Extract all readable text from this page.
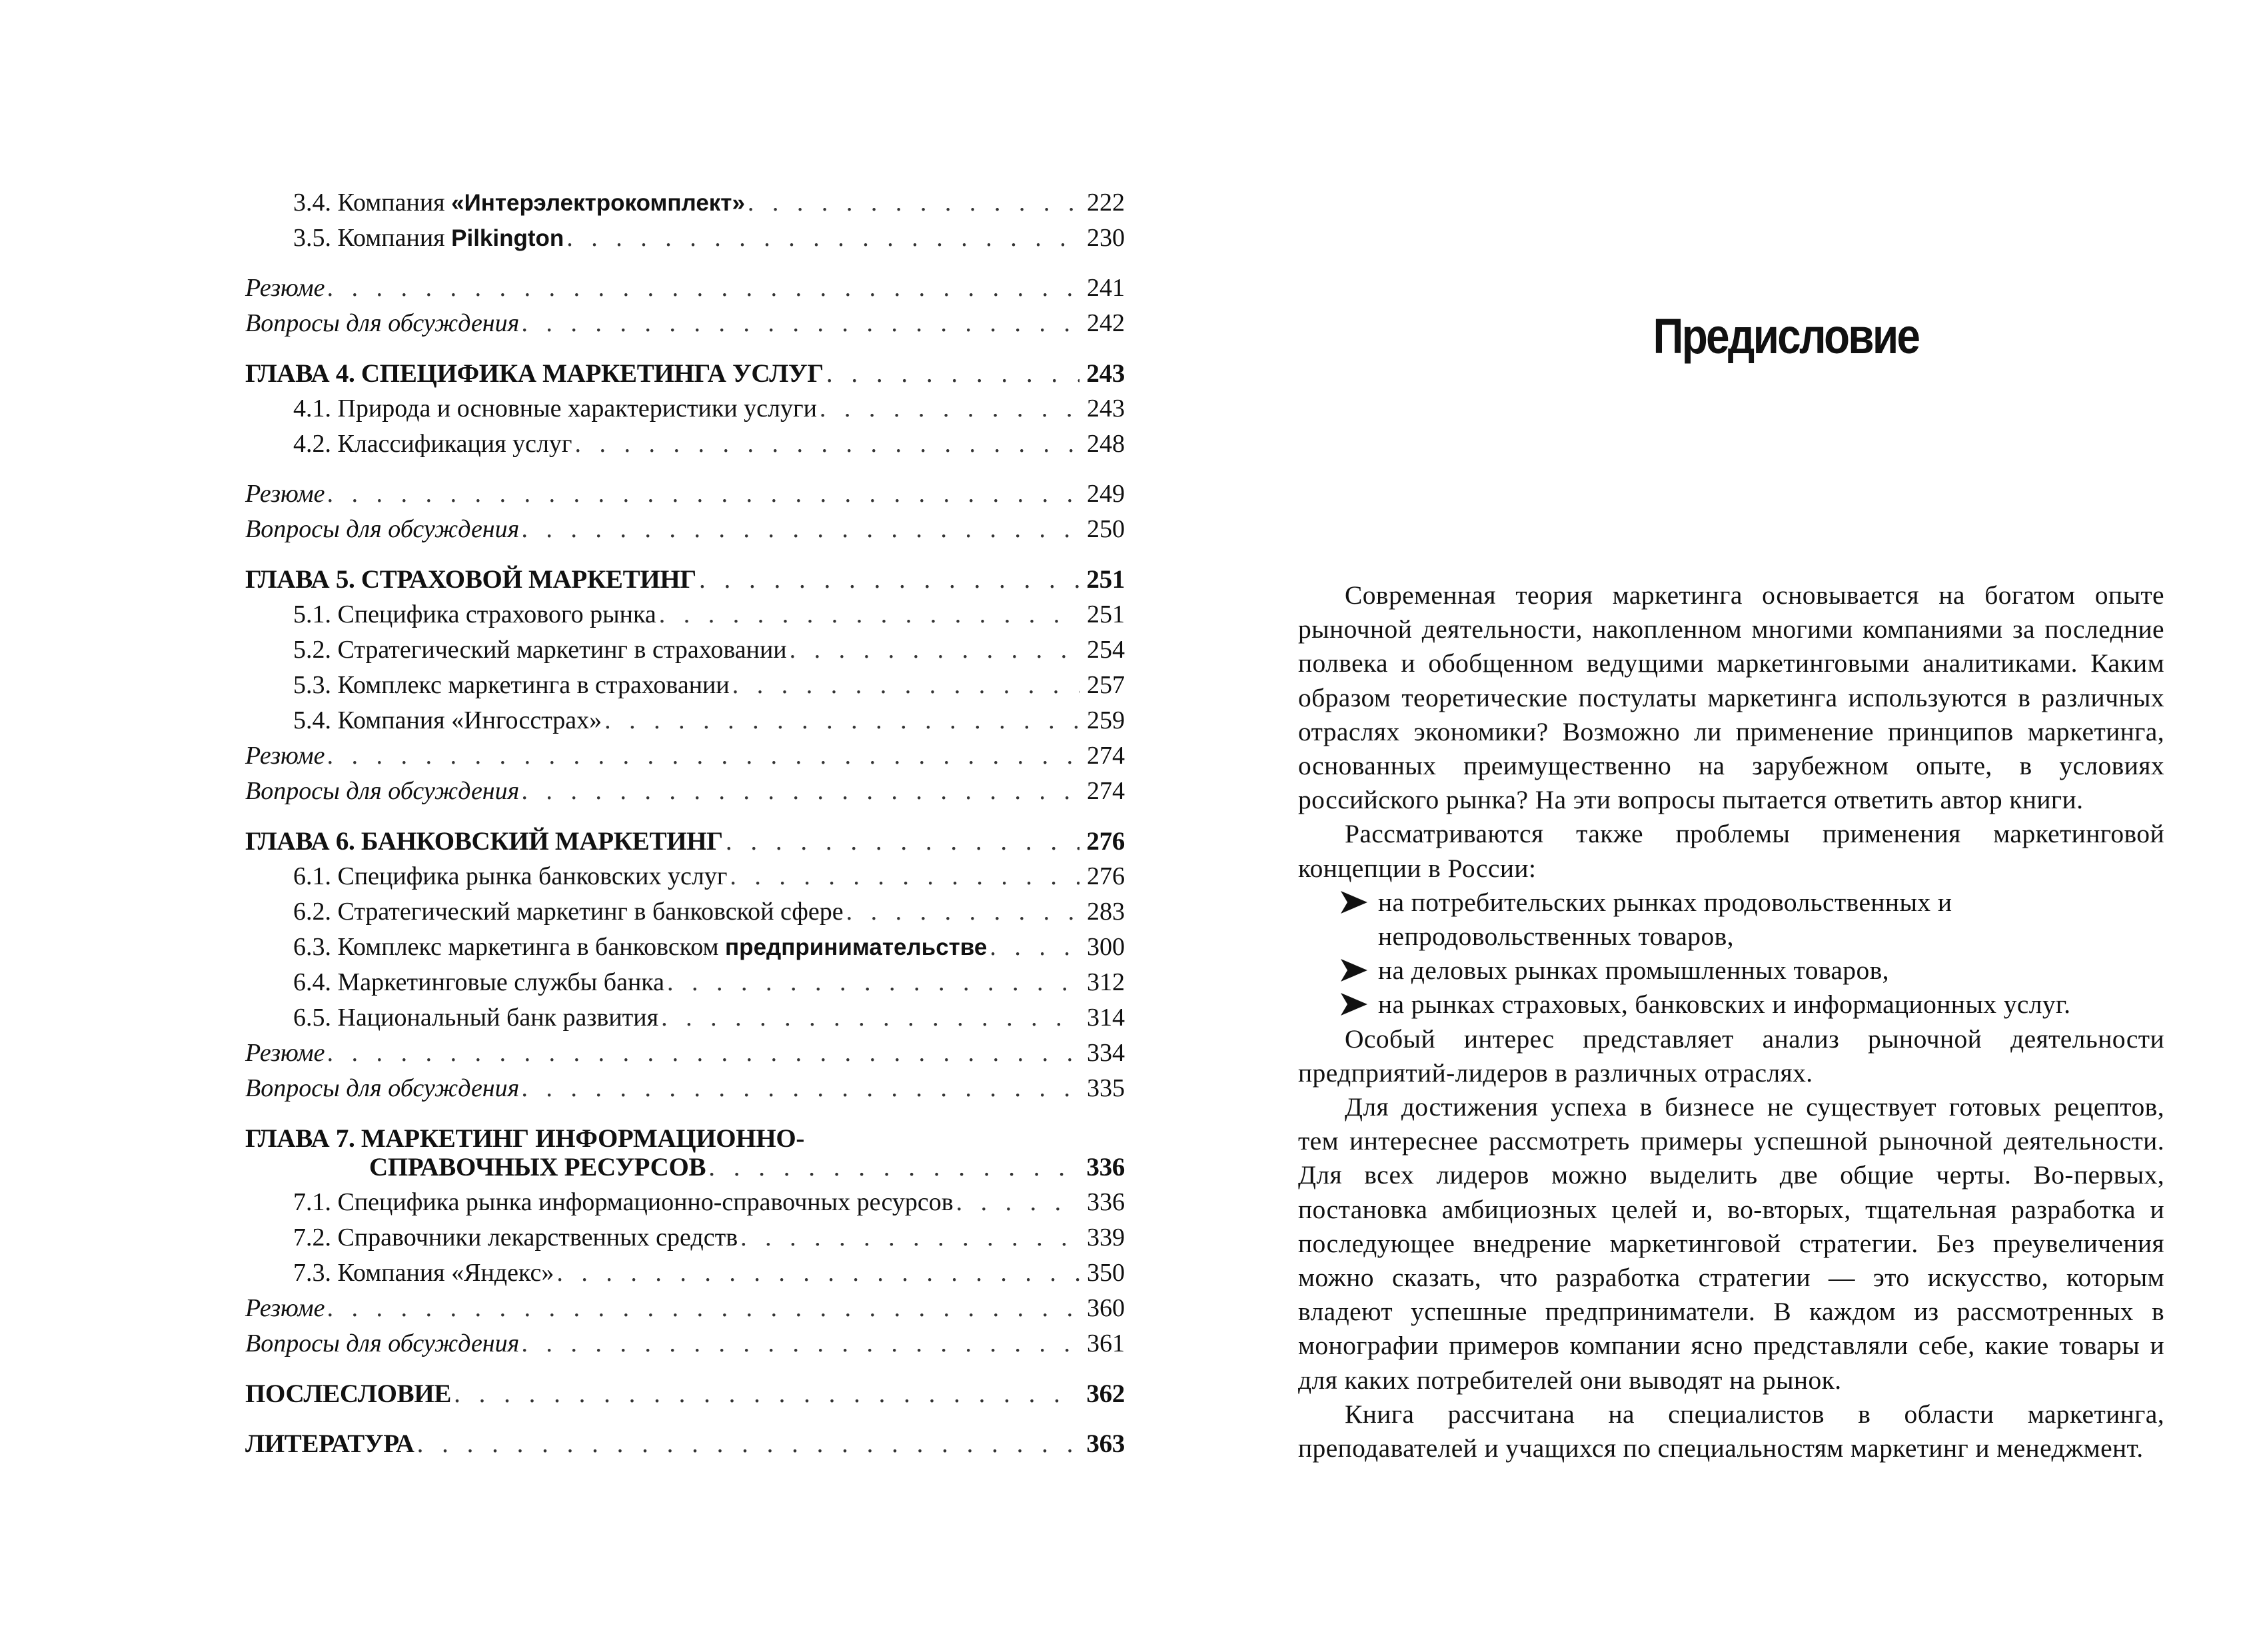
3.4. Компания «Интерэлектрокомплект» . . .	222
3.5. Компания Pilkington . . .	230
Резюме . . .	241
Вопросы для обсуждения . . .	242
ГЛАВА 4. СПЕЦИФИКА МАРКЕТИНГА УСЛУГ . . .	243
4.1. Природа и основные характеристики услуги . . .	243
4.2. Классификация услуг . . .	248
Резюме . . .	249
Вопросы для обсуждения . . .	250
ГЛАВА 5. СТРАХОВОЙ МАРКЕТИНГ . . .	251
5.1. Специфика страхового рынка . . .	251
5.2. Стратегический маркетинг в страховании . . .	254
5.3. Комплекс маркетинга в страховании . . .	257
5.4. Компания «Ингосстрах» . . .	259
Резюме . . .	274
Вопросы для обсуждения . . .	274
ГЛАВА 6. БАНКОВСКИЙ МАРКЕТИНГ . . .	276
6.1. Специфика рынка банковских услуг . . .	276
6.2. Стратегический маркетинг в банковской сфере . . .	283
6.3. Комплекс маркетинга в банковском предпринимательстве . . .	300
6.4. Маркетинговые службы банка . . .	312
6.5. Национальный банк развития . . .	314
Резюме . . .	334
Вопросы для обсуждения . . .	335
ГЛАВА 7. МАРКЕТИНГ ИНФОРМАЦИОННО-
СПРАВОЧНЫХ РЕСУРСОВ . . .	336
7.1. Специфика рынка информационно-справочных ресурсов . . .	336
7.2. Справочники лекарственных средств . . .	339
7.3. Компания «Яндекс» . . .	350
Резюме . . .	360
Вопросы для обсуждения . . .	361
ПОСЛЕСЛОВИЕ . . .	362
ЛИТЕРАТУРА . . .	363
Предисловие

Современная теория маркетинга основывается на богатом опыте рыночной деятельности, накопленном многими компаниями за последние полвека и обобщенном ведущими маркетинговыми аналитиками. Каким образом теоретические постулаты маркетинга используются в различных отраслях экономики? Возможно ли применение принципов маркетинга, основанных преимущественно на зарубежном опыте, в условиях российского рынка? На эти вопросы пытается ответить автор книги.

Рассматриваются также проблемы применения маркетинговой концепции в России:

на потребительских рынках продовольственных и непродовольственных товаров,
на деловых рынках промышленных товаров,
на рынках страховых, банковских и информационных услуг.

Особый интерес представляет анализ рыночной деятельности предприятий-лидеров в различных отраслях.

Для достижения успеха в бизнесе не существует готовых рецептов, тем интереснее рассмотреть примеры успешной рыночной деятельности. Для всех лидеров можно выделить две общие черты. Во-первых, постановка амбициозных целей и, во-вторых, тщательная разработка и последующее внедрение маркетинговой стратегии. Без преувеличения можно сказать, что разработка стратегии — это искусство, которым владеют успешные предприниматели. В каждом из рассмотренных в монографии примеров компании ясно представляли себе, какие товары и для каких потребителей они выводят на рынок.

Книга рассчитана на специалистов в области маркетинга, преподавателей и учащихся по специальностям маркетинг и менеджмент.
